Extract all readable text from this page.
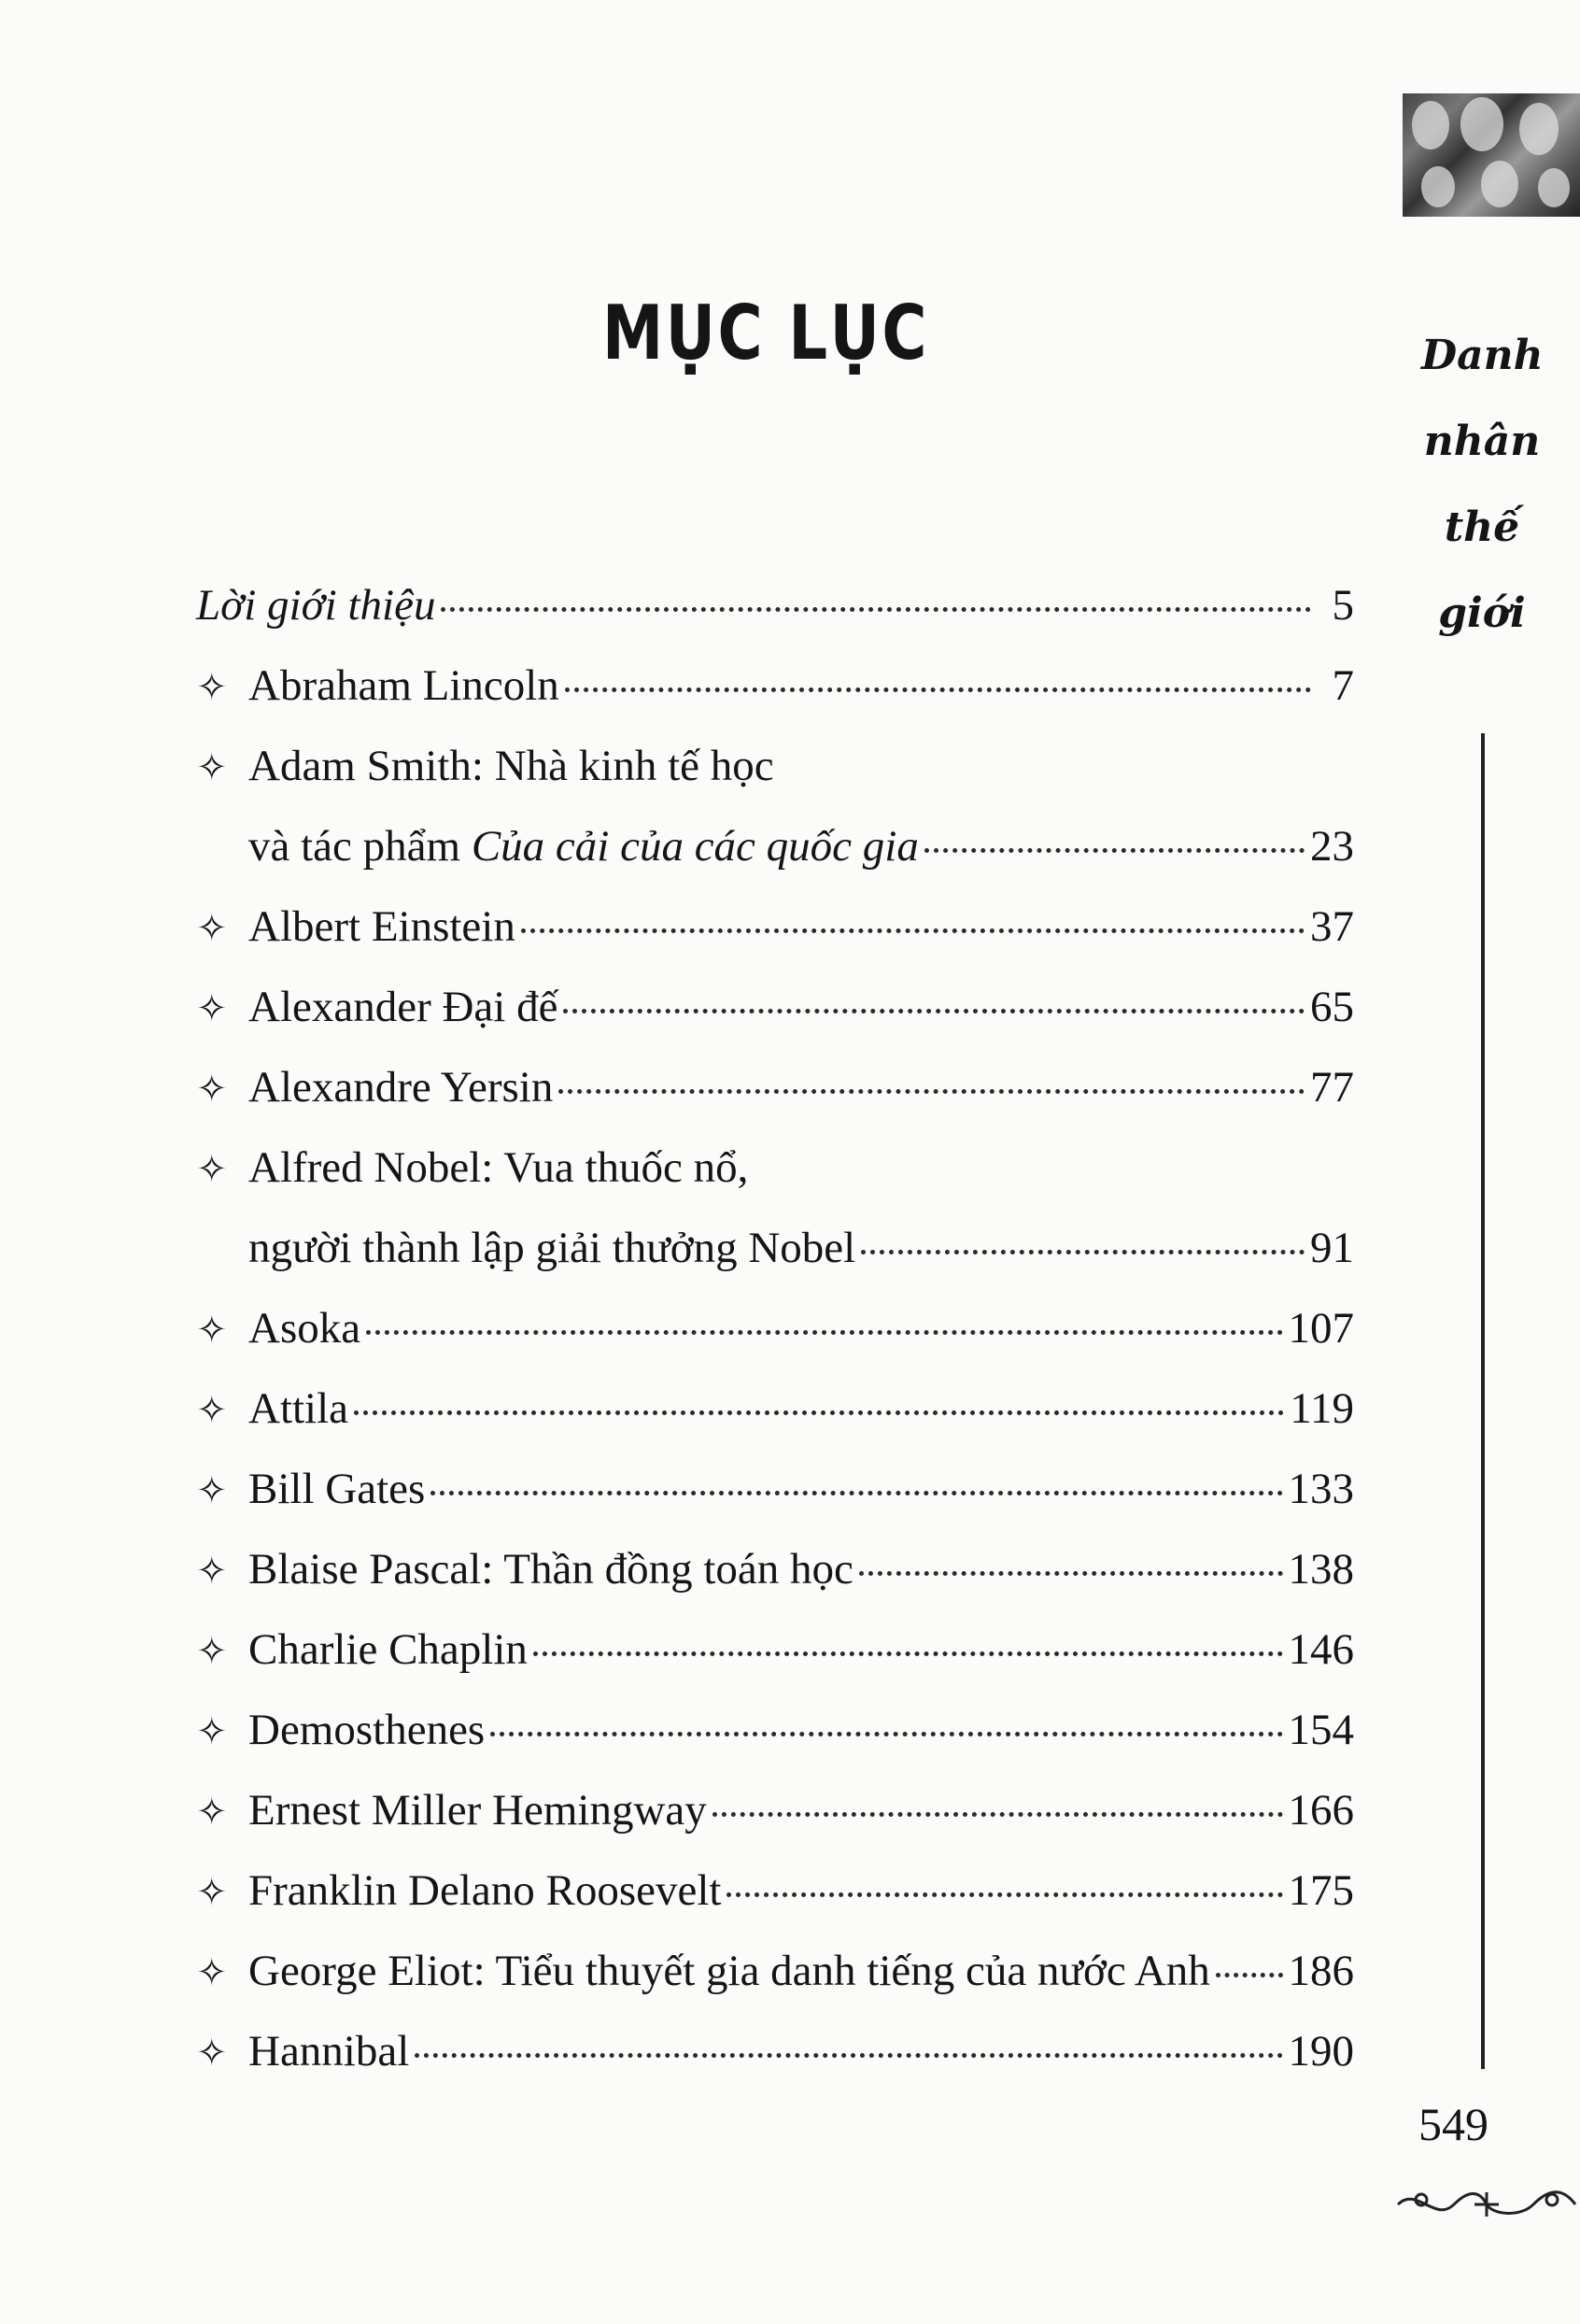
Danh
nhân
thế
giới
MỤC LỤC
Lời giới thiệu	5
✧ Abraham Lincoln	7
✧ Adam Smith: Nhà kinh tế học
và tác phẩm Của cải của các quốc gia	23
✧ Albert Einstein	37
✧ Alexander Đại đế	65
✧ Alexandre Yersin	77
✧ Alfred Nobel: Vua thuốc nổ,
người thành lập giải thưởng Nobel	91
✧ Asoka	107
✧ Attila	119
✧ Bill Gates	133
✧ Blaise Pascal: Thần đồng toán học	138
✧ Charlie Chaplin	146
✧ Demosthenes	154
✧ Ernest Miller Hemingway	166
✧ Franklin Delano Roosevelt	175
✧ George Eliot: Tiểu thuyết gia danh tiếng của nước Anh 186
✧ Hannibal	190
549
